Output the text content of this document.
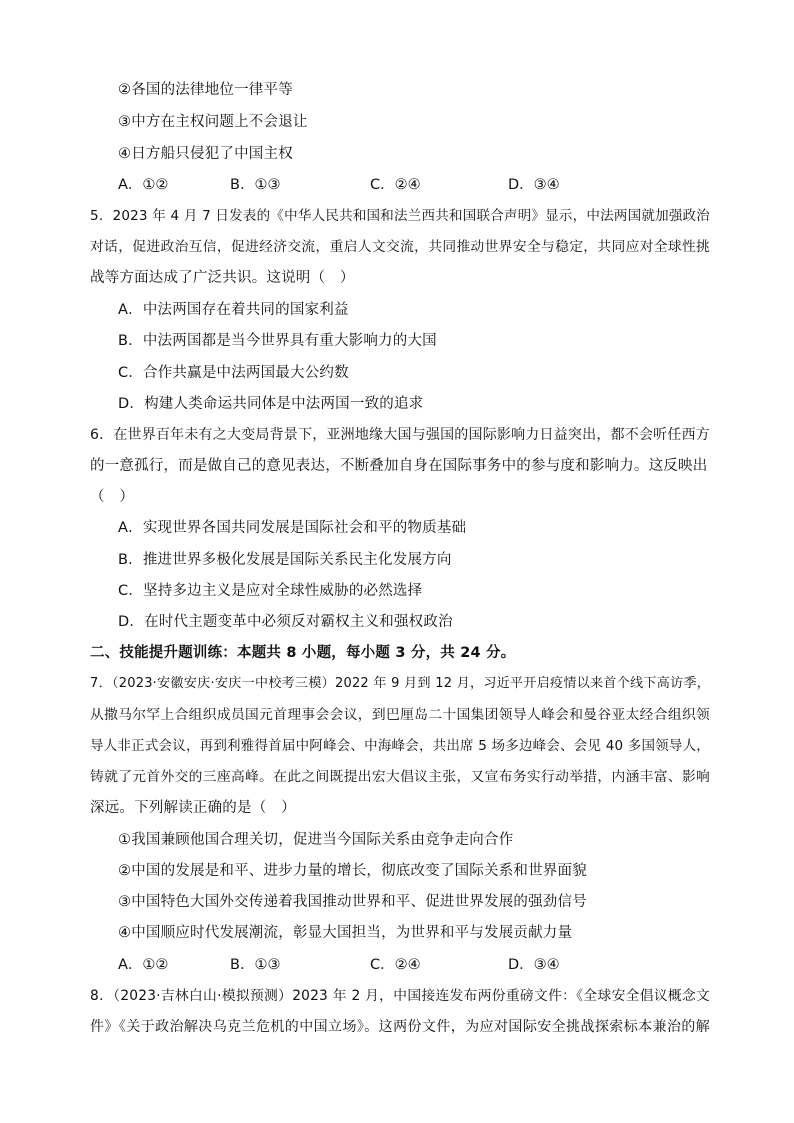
②各国的法律地位一律平等
③中方在主权问题上不会退让
④日方船只侵犯了中国主权
A．①②	B．①③	C．②④	D．③④
5．2023 年 4 月 7 日发表的《中华人民共和国和法兰西共和国联合声明》显示，中法两国就加强政治
对话，促进政治互信，促进经济交流，重启人文交流，共同推动世界安全与稳定，共同应对全球性挑
战等方面达成了广泛共识。这说明（　）
A．中法两国存在着共同的国家利益
B．中法两国都是当今世界具有重大影响力的大国
C．合作共赢是中法两国最大公约数
D．构建人类命运共同体是中法两国一致的追求
6．在世界百年未有之大变局背景下，亚洲地缘大国与强国的国际影响力日益突出，都不会听任西方
的一意孤行，而是做自己的意见表达，不断叠加自身在国际事务中的参与度和影响力。这反映出
（　）
A．实现世界各国共同发展是国际社会和平的物质基础
B．推进世界多极化发展是国际关系民主化发展方向
C．坚持多边主义是应对全球性威胁的必然选择
D．在时代主题变革中必须反对霸权主义和强权政治
二、技能提升题训练：本题共 8 小题，每小题 3 分，共 24 分。
7．（2023·安徽安庆·安庆一中校考三模）2022 年 9 月到 12 月，习近平开启疫情以来首个线下高访季，
从撒马尔罕上合组织成员国元首理事会会议，到巴厘岛二十国集团领导人峰会和曼谷亚太经合组织领
导人非正式会议，再到利雅得首届中阿峰会、中海峰会，共出席 5 场多边峰会、会见 40 多国领导人，
铸就了元首外交的三座高峰。在此之间既提出宏大倡议主张，又宣布务实行动举措，内涵丰富、影响
深远。下列解读正确的是（　）
①我国兼顾他国合理关切，促进当今国际关系由竞争走向合作
②中国的发展是和平、进步力量的增长，彻底改变了国际关系和世界面貌
③中国特色大国外交传递着我国推动世界和平、促进世界发展的强劲信号
④中国顺应时代发展潮流，彰显大国担当，为世界和平与发展贡献力量
A．①②	B．①③	C．②④	D．③④
8．（2023·吉林白山·模拟预测）2023 年 2 月，中国接连发布两份重磅文件：《全球安全倡议概念文
件》《关于政治解决乌克兰危机的中国立场》。这两份文件，为应对国际安全挑战探索标本兼治的解
